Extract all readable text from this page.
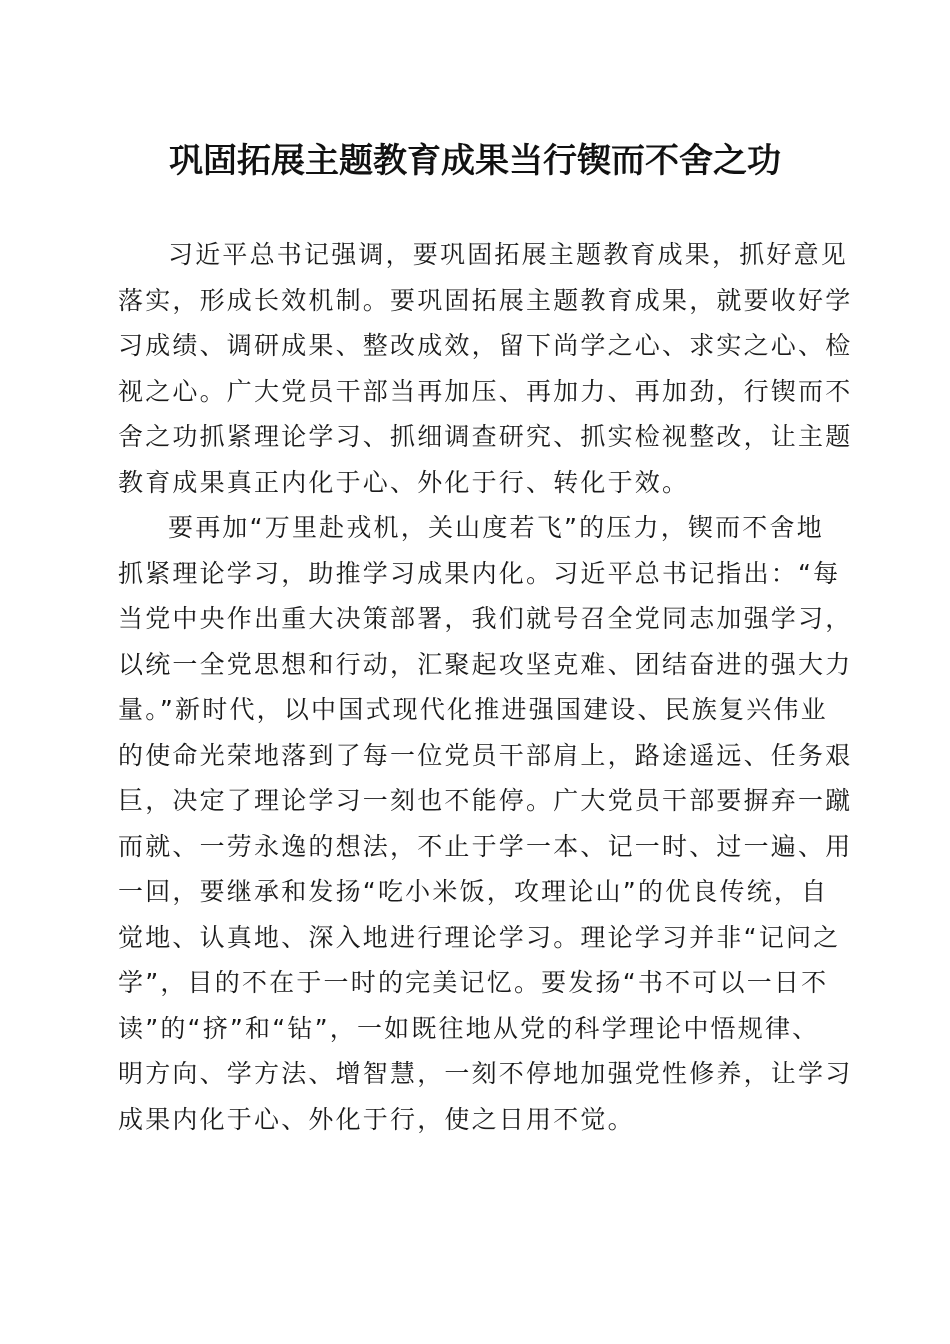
巩固拓展主题教育成果当行锲而不舍之功
习近平总书记强调，要巩固拓展主题教育成果，抓好意见
落实，形成长效机制。要巩固拓展主题教育成果，就要收好学
习成绩、调研成果、整改成效，留下尚学之心、求实之心、检
视之心。广大党员干部当再加压、再加力、再加劲，行锲而不
舍之功抓紧理论学习、抓细调查研究、抓实检视整改，让主题
教育成果真正内化于心、外化于行、转化于效。
要再加“万里赴戎机，关山度若飞”的压力，锲而不舍地
抓紧理论学习，助推学习成果内化。习近平总书记指出：“每
当党中央作出重大决策部署，我们就号召全党同志加强学习，
以统一全党思想和行动，汇聚起攻坚克难、团结奋进的强大力
量。”新时代，以中国式现代化推进强国建设、民族复兴伟业
的使命光荣地落到了每一位党员干部肩上，路途遥远、任务艰
巨，决定了理论学习一刻也不能停。广大党员干部要摒弃一蹴
而就、一劳永逸的想法，不止于学一本、记一时、过一遍、用
一回，要继承和发扬“吃小米饭，攻理论山”的优良传统，自
觉地、认真地、深入地进行理论学习。理论学习并非“记问之
学”，目的不在于一时的完美记忆。要发扬“书不可以一日不
读”的“挤”和“钻”，一如既往地从党的科学理论中悟规律、
明方向、学方法、增智慧，一刻不停地加强党性修养，让学习
成果内化于心、外化于行，使之日用不觉。
